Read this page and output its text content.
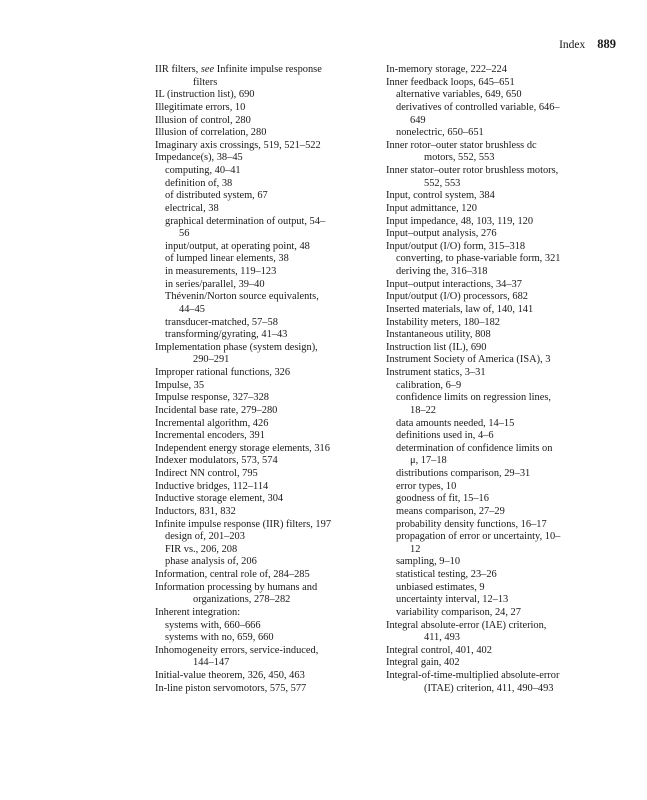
Index 889
IIR filters, see Infinite impulse response
filters
IL (instruction list), 690
Illegitimate errors, 10
Illusion of control, 280
Illusion of correlation, 280
Imaginary axis crossings, 519, 521–522
Impedance(s), 38–45
computing, 40–41
definition of, 38
of distributed system, 67
electrical, 38
graphical determination of output, 54–
56
input/output, at operating point, 48
of lumped linear elements, 38
in measurements, 119–123
in series/parallel, 39–40
Thévenin/Norton source equivalents,
44–45
transducer-matched, 57–58
transforming/gyrating, 41–43
Implementation phase (system design),
290–291
Improper rational functions, 326
Impulse, 35
Impulse response, 327–328
Incidental base rate, 279–280
Incremental algorithm, 426
Incremental encoders, 391
Independent energy storage elements, 316
Indexer modulators, 573, 574
Indirect NN control, 795
Inductive bridges, 112–114
Inductive storage element, 304
Inductors, 831, 832
Infinite impulse response (IIR) filters, 197
design of, 201–203
FIR vs., 206, 208
phase analysis of, 206
Information, central role of, 284–285
Information processing by humans and
organizations, 278–282
Inherent integration:
systems with, 660–666
systems with no, 659, 660
Inhomogeneity errors, service-induced,
144–147
Initial-value theorem, 326, 450, 463
In-line piston servomotors, 575, 577
In-memory storage, 222–224
Inner feedback loops, 645–651
alternative variables, 649, 650
derivatives of controlled variable, 646–
649
nonelectric, 650–651
Inner rotor–outer stator brushless dc
motors, 552, 553
Inner stator–outer rotor brushless motors,
552, 553
Input, control system, 384
Input admittance, 120
Input impedance, 48, 103, 119, 120
Input–output analysis, 276
Input/output (I/O) form, 315–318
converting, to phase-variable form, 321
deriving the, 316–318
Input–output interactions, 34–37
Input/output (I/O) processors, 682
Inserted materials, law of, 140, 141
Instability meters, 180–182
Instantaneous utility, 808
Instruction list (IL), 690
Instrument Society of America (ISA), 3
Instrument statics, 3–31
calibration, 6–9
confidence limits on regression lines,
18–22
data amounts needed, 14–15
definitions used in, 4–6
determination of confidence limits on
μ, 17–18
distributions comparison, 29–31
error types, 10
goodness of fit, 15–16
means comparison, 27–29
probability density functions, 16–17
propagation of error or uncertainty, 10–
12
sampling, 9–10
statistical testing, 23–26
unbiased estimates, 9
uncertainty interval, 12–13
variability comparison, 24, 27
Integral absolute-error (IAE) criterion,
411, 493
Integral control, 401, 402
Integral gain, 402
Integral-of-time-multiplied absolute-error
(ITAE) criterion, 411, 490–493
